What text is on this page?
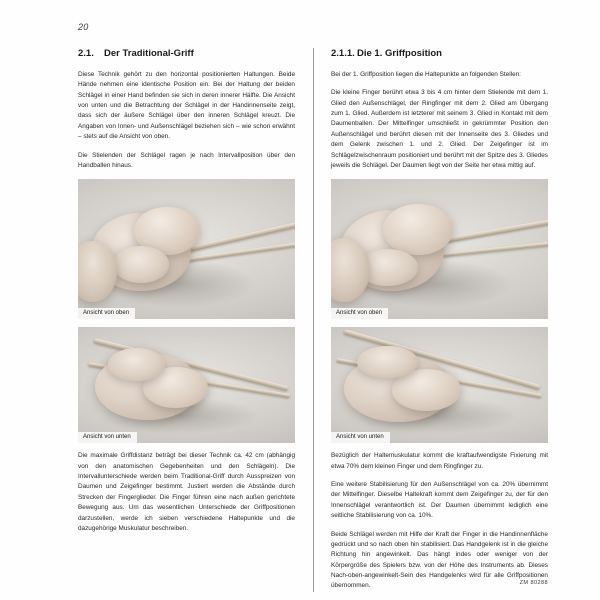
20
2.1. Der Traditional-Griff

Diese Technik gehört zu den horizontal positionierten Haltungen. Beide Hände nehmen eine identische Position ein. Bei der Haltung der beiden Schlägel in einer Hand befinden sie sich in deren innerer Hälfte. Die Ansicht von unten und die Betrachtung der Schlägel in der Handinnenseite zeigt, dass sich der äußere Schlägel über den inneren Schlägel kreuzt. Die Angaben von Innen- und Außenschlägel beziehen sich – wie schon erwähnt – stets auf die Ansicht von oben.

Die Stielenden der Schlägel ragen je nach Intervallposition über den Handballen hinaus.

Ansicht von oben
Ansicht von unten

Die maximale Griffdistanz beträgt bei dieser Technik ca. 42 cm (abhängig von den anatomischen Gegebenheiten und den Schlägeln). Die Intervallunterschiede werden beim Traditional-Griff durch Ausspreizen von Daumen und Zeigefinger bestimmt. Justiert werden die Abstände durch Strecken der Fingerglieder. Die Finger führen eine nach außen gerichtete Bewegung aus. Um das wesentlichen Unterschiede der Griffpositionen darzustellen, werde ich sieben verschiedene Haltepunkte und die dazugehörige Muskulatur beschreiben.

2.1.1. Die 1. Griffposition

Bei der 1. Griffposition liegen die Haltepunkte an folgenden Stellen:

Die kleine Finger berührt etwa 3 bis 4 cm hinter dem Stielende mit dem 1. Glied den Außenschlägel, der Ringfinger mit dem 2. Glied am Übergang zum 1. Glied. Außerdem ist letzterer mit seinem 3. Glied in Kontakt mit dem Daumenballen. Der Mittelfinger umschließt in gekrümmter Position den Außenschlägel und berührt diesen mit der Innenseite des 3. Gliedes und dem Gelenk zwischen 1. und 2. Glied. Der Zeigefinger ist im Schlägelzwischenraum positioniert und berührt mit der Spitze des 3. Gliedes jeweils die Schlägel. Der Daumen liegt von der Seite her etwa mittig auf.

Ansicht von oben
Ansicht von unten

Bezüglich der Haltemuskulatur kommt die kraftaufwendigste Fixierung mit etwa 70% dem kleinen Finger und dem Ringfinger zu.

Eine weitere Stabilisierung für den Außenschlägel von ca. 20% übernimmt der Mittelfinger. Dieselbe Haltekraft kommt dem Zeigefinger zu, der für den Innenschlägel verantwortlich ist. Der Daumen übernimmt lediglich eine seitliche Stabilisierung von ca. 10%.

Beide Schlägel werden mit Hilfe der Kraft der Finger in die Handinnenfläche gedrückt und so nach oben hin stabilisiert. Das Handgelenk ist in die gleiche Richtung hin angewinkelt. Das hängt indes oder weniger von der Körpergröße des Spielers bzw. von der Höhe des Instruments ab. Dieses Nach-oben-angewinkelt-Sein des Handgelenks wird für alle Griffpositionen übernommen.	ZM 80288
